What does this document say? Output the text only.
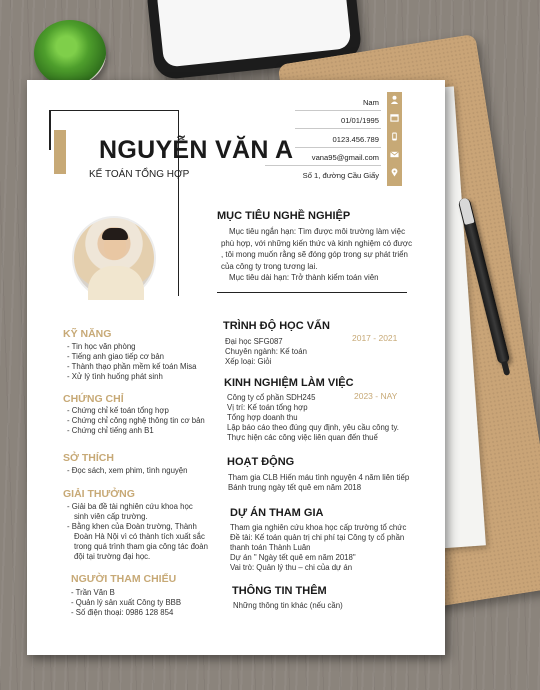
NGUYỄN VĂN A
KẾ TOÁN TỔNG HỢP
Nam
01/01/1995
0123.456.789
vana95@gmail.com
Số 1, đường Cầu Giấy
MỤC TIÊU NGHỀ NGHIỆP
Mục tiêu ngắn hạn: Tìm được môi trường làm việc
phù hợp, với những kiến thức và kinh nghiệm có được
, tôi mong muốn rằng sẽ đóng góp trong sự phát triển
của công ty trong tương lai.
Mục tiêu dài hạn: Trở thành kiểm toán viên
KỸ NĂNG
- Tin học văn phòng
- Tiếng anh giao tiếp cơ bản
- Thành thạo phần mềm kế toán Misa
- Xử lý tình huống phát sinh
CHỨNG CHỈ
- Chứng chỉ kế toán tổng hợp
- Chứng chỉ công nghệ thông tin cơ bản
- Chứng chỉ tiếng anh B1
SỞ THÍCH
- Đọc sách, xem phim, tình nguyện
GIẢI THƯỞNG
- Giải ba đề tài nghiên cứu khoa học
sinh viên cấp trường.
- Bằng khen của Đoàn trường, Thành
Đoàn Hà Nội vì có thành tích xuất sắc
trong quá trình tham gia công tác đoàn
đội tại trường đại học.
NGƯỜI THAM CHIẾU
- Trần Văn B
- Quản lý sản xuất Công ty BBB
- Số điện thoại: 0986 128 854
TRÌNH ĐỘ HỌC VẤN
2017 - 2021
Đại học SFG087
Chuyên ngành: Kế toán
Xếp loại: Giỏi
KINH NGHIỆM LÀM VIỆC
2023 - NAY
Công ty cổ phần SDH245
Vị trí: Kế toán tổng hợp
Tổng hợp doanh thu
Lập báo cáo theo đúng quy định, yêu cầu công ty.
Thực hiện các công việc liên quan đến thuế
HOẠT ĐỘNG
Tham gia CLB Hiến máu tình nguyện 4 năm liên tiếp
Bánh trung ngày tết quê em năm 2018
DỰ ÁN THAM GIA
Tham gia nghiên cứu khoa học cấp trường tổ chức
Đề tài: Kế toán quản trị chi phí tại Công ty cổ phần
thanh toán Thành Luân
Dự án " Ngày tết quê em năm 2018"
Vai trò: Quản lý thu – chi của dự án
THÔNG TIN THÊM
Những thông tin khác (nếu cần)
